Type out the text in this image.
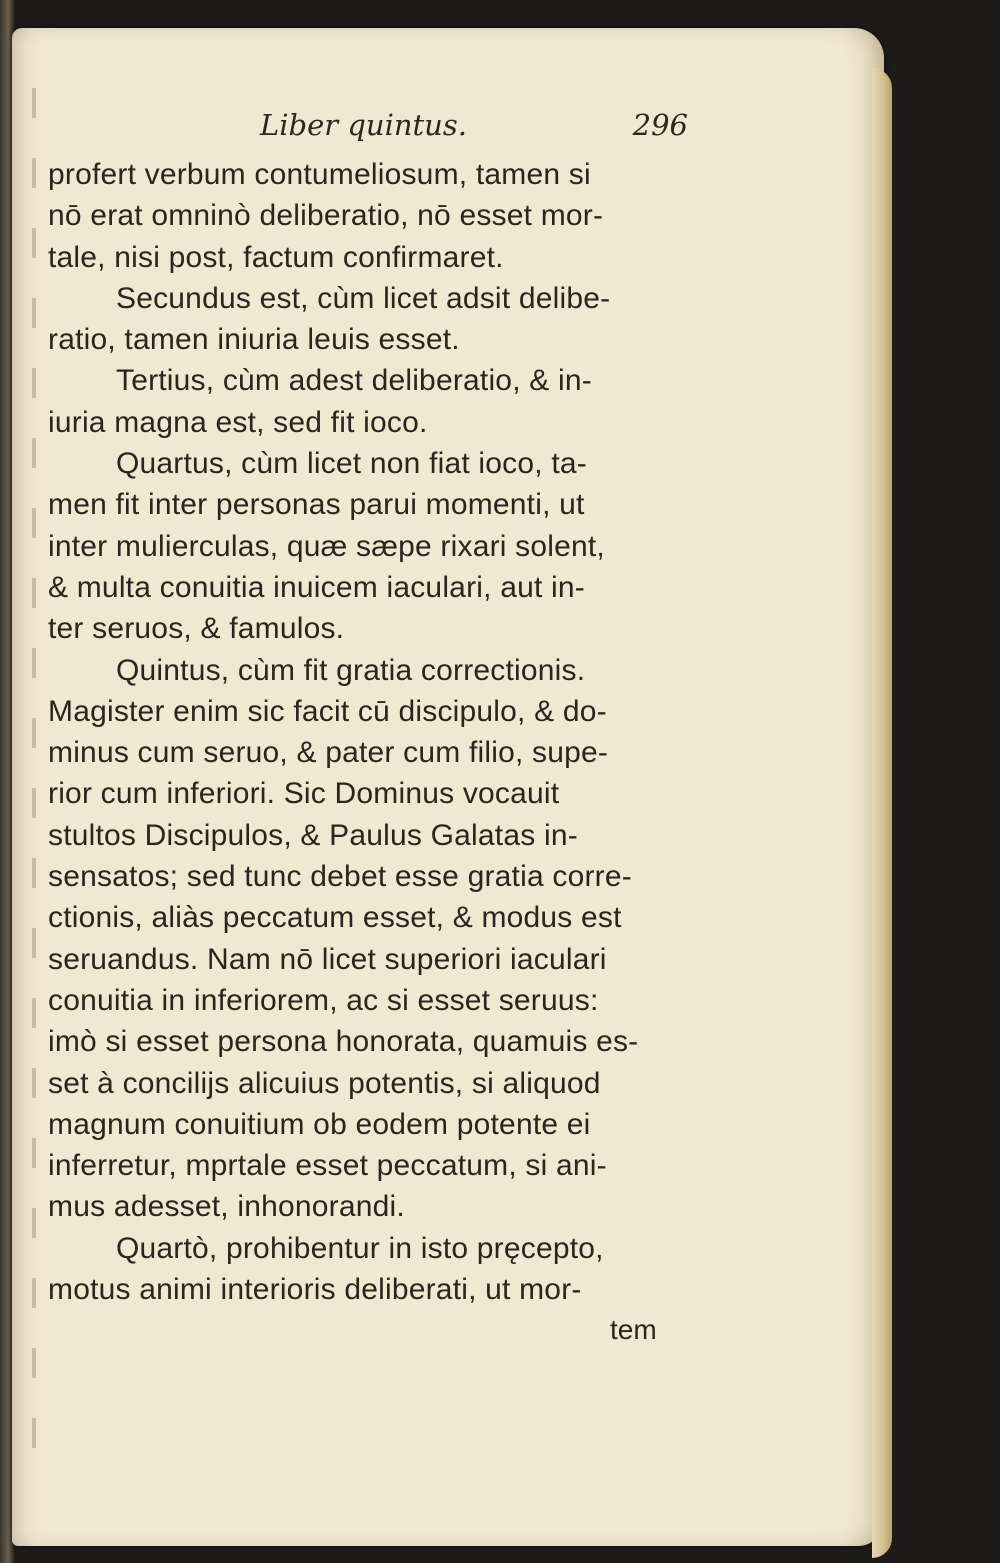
Liber quintus.	296
profert verbum contumeliosum, tamen si
nō erat omninò deliberatio, nō esset mor-
tale, nisi post, factum confirmaret.
Secundus est, cùm licet adsit delibe-
ratio, tamen iniuria leuis esset.
Tertius, cùm adest deliberatio, & in-
iuria magna est, sed fit ioco.
Quartus, cùm licet non fiat ioco, ta-
men fit inter personas parui momenti, ut
inter mulierculas, quæ sæpe rixari solent,
& multa conuitia inuicem iaculari, aut in-
ter seruos, & famulos.
Quintus, cùm fit gratia correctionis.
Magister enim sic facit cū discipulo, & do-
minus cum seruo, & pater cum filio, supe-
rior cum inferiori. Sic Dominus vocauit
stultos Discipulos, & Paulus Galatas in-
sensatos; sed tunc debet esse gratia corre-
ctionis, aliàs peccatum esset, & modus est
seruandus. Nam nō licet superiori iaculari
conuitia in inferiorem, ac si esset seruus:
imò si esset persona honorata, quamuis es-
set à concilijs alicuius potentis, si aliquod
magnum conuitium ob eodem potente ei
inferretur, mprtale esset peccatum, si ani-
mus adesset, inhonorandi.
Quartò, prohibentur in isto pręcepto,
motus animi interioris deliberati, ut mor-
tem
